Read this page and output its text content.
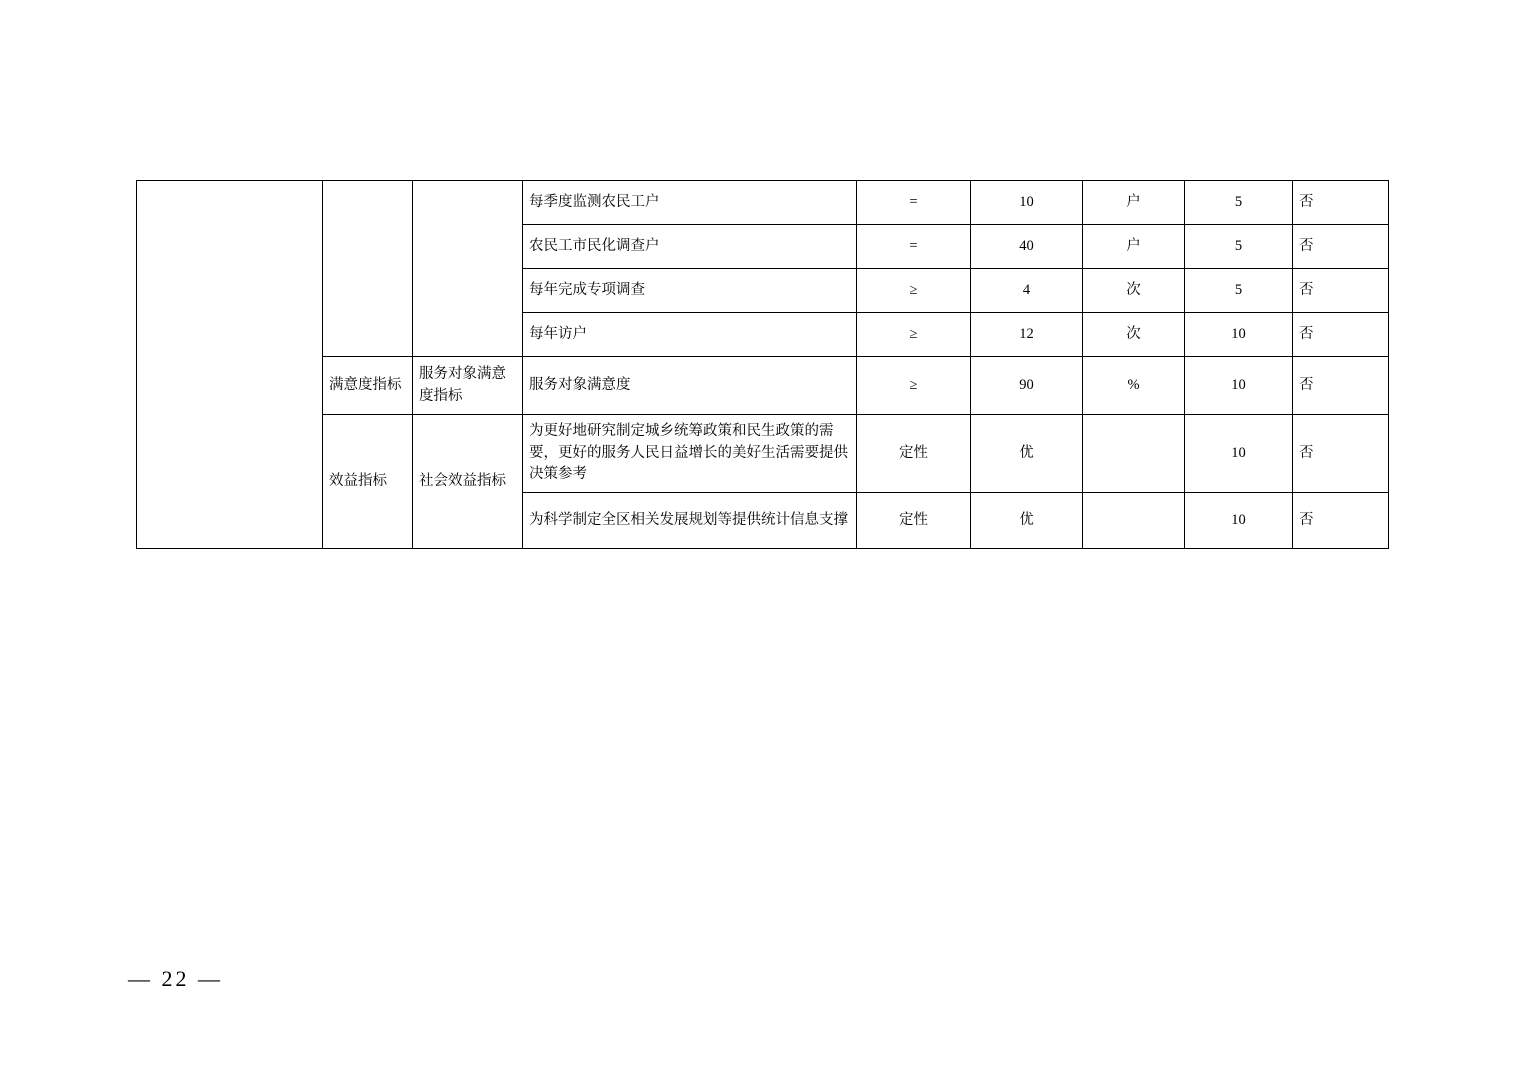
			每季度监测农民工户	=	10	户	5	否
			农民工市民化调查户	=	40	户	5	否
			每年完成专项调查	≥	4	次	5	否
			每年访户	≥	12	次	10	否
	满意度指标	服务对象满意度指标	服务对象满意度	≥	90	%	10	否
	效益指标	社会效益指标	为更好地研究制定城乡统筹政策和民生政策的需要，更好的服务人民日益增长的美好生活需要提供决策参考	定性	优		10	否
			为科学制定全区相关发展规划等提供统计信息支撑	定性	优		10	否
— 22 —
